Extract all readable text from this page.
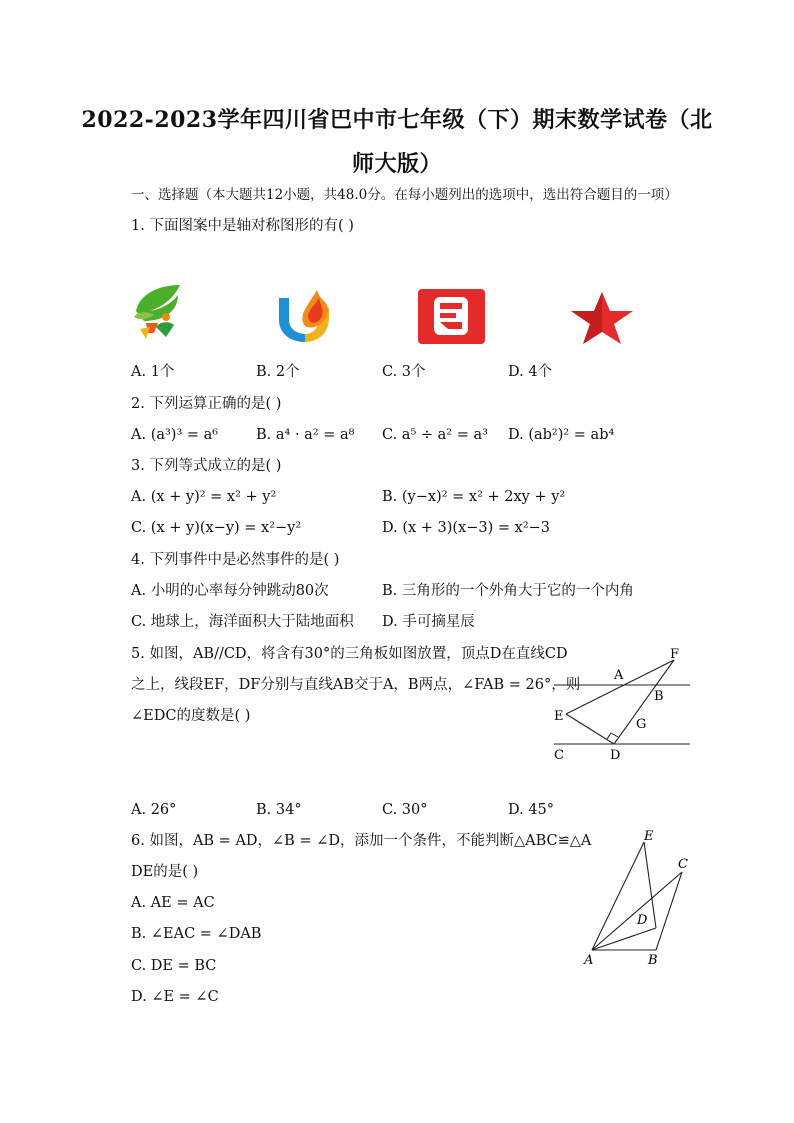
2022-2023学年四川省巴中市七年级（下）期末数学试卷（北师大版）
一、选择题（本大题共12小题，共48.0分。在每小题列出的选项中，选出符合题目的一项）
1. 下面图案中是轴对称图形的有( )
A. 1个	B. 2个	C. 3个	D. 4个
2. 下列运算正确的是( )
A. (a³)³ = a⁶	B. a⁴ · a² = a⁸ C. a⁵ ÷ a² = a³ D. (ab²)² = ab⁴
3. 下列等式成立的是( )
A. (x + y)² = x² + y²	B. (y−x)² = x² + 2xy + y²
C. (x + y)(x−y) = x²−y²	D. (x + 3)(x−3) = x²−3
4. 下列事件中是必然事件的是( )
A. 小明的心率每分钟跳动80次	B. 三角形的一个外角大于它的一个内角
C. 地球上，海洋面积大于陆地面积 D. 手可摘星辰
5. 如图，AB//CD，将含有30°的三角板如图放置，顶点D在直线CD
之上，线段EF，DF分别与直线AB交于A，B两点，∠FAB = 26°，则
∠EDC的度数是( )
F
A
B
E
G
C	D
A. 26°	B. 34°	C. 30°	D. 45°
6. 如图，AB = AD，∠B = ∠D，添加一个条件，不能判断△ABC≌△A
DE的是( )
E
C
D
A	B
A. AE = AC
B. ∠EAC = ∠DAB
C. DE = BC
D. ∠E = ∠C
